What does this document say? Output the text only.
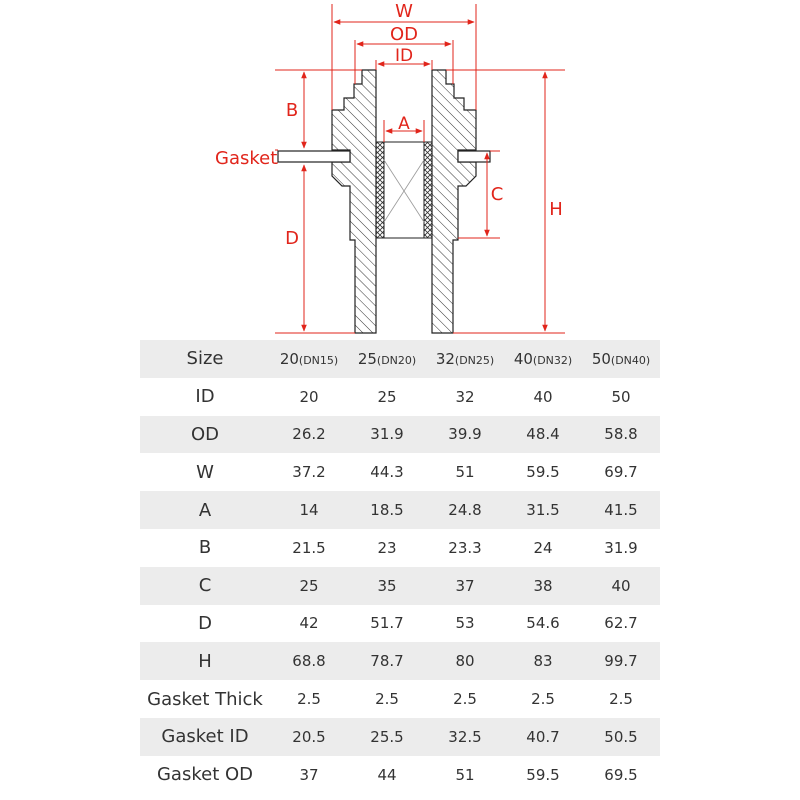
W
OD
ID
A
B
D
C
H
Gasket
Size	20(DN15)	25(DN20)	32(DN25)	40(DN32)	50(DN40)
ID	20	25	32	40	50
OD	26.2	31.9	39.9	48.4	58.8
W	37.2	44.3	51	59.5	69.7
A	14	18.5	24.8	31.5	41.5
B	21.5	23	23.3	24	31.9
C	25	35	37	38	40
D	42	51.7	53	54.6	62.7
H	68.8	78.7	80	83	99.7
Gasket Thick	2.5	2.5	2.5	2.5	2.5
Gasket ID	20.5	25.5	32.5	40.7	50.5
Gasket OD	37	44	51	59.5	69.5
